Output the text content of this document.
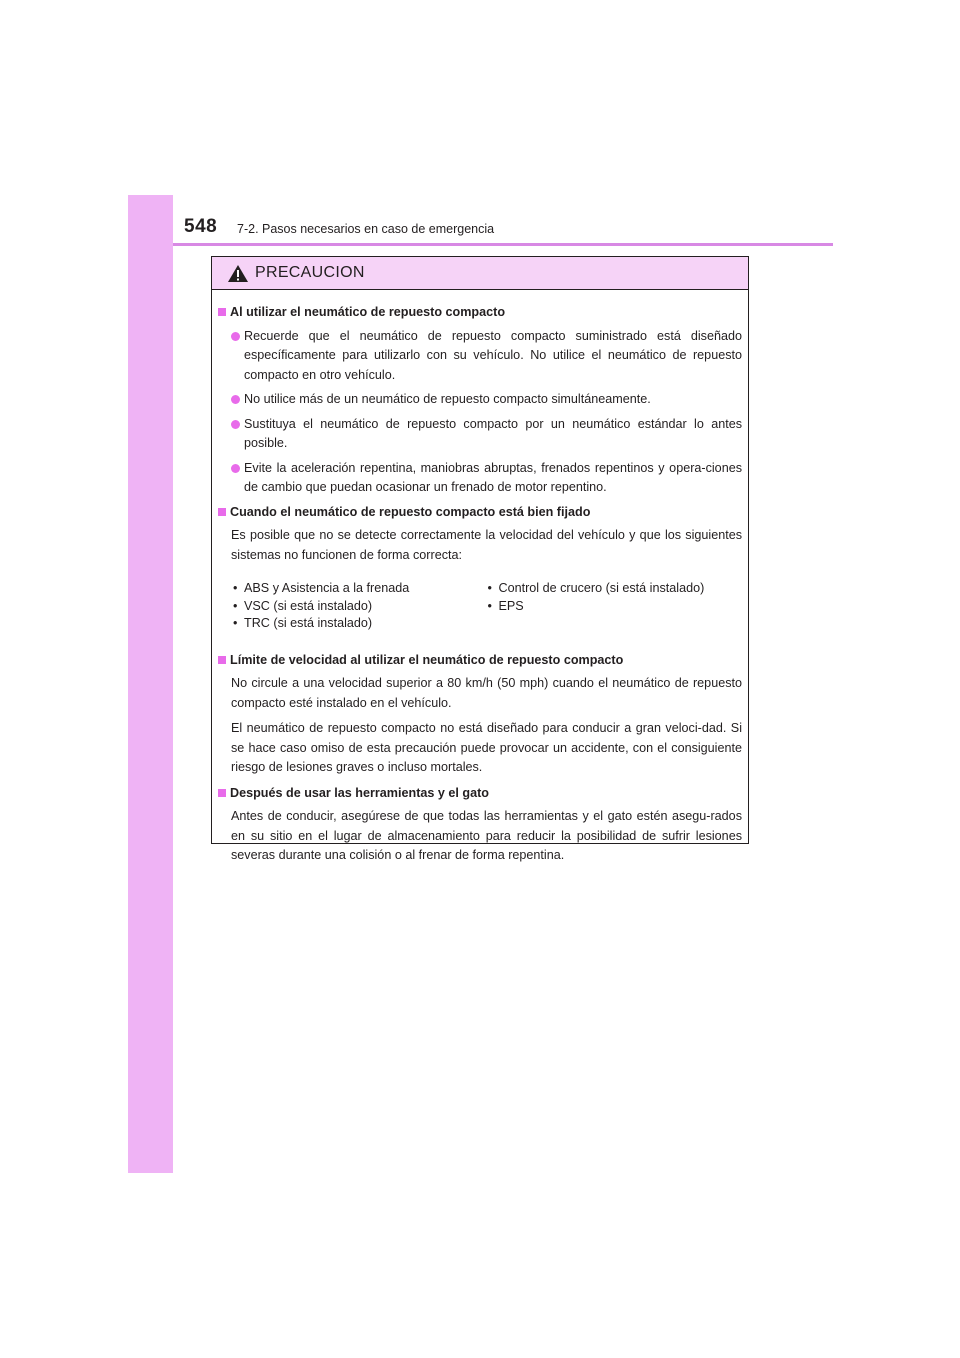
548 7-2. Pasos necesarios en caso de emergencia
PRECAUCION
Al utilizar el neumático de repuesto compacto
Recuerde que el neumático de repuesto compacto suministrado está diseñado específicamente para utilizarlo con su vehículo. No utilice el neumático de repuesto compacto en otro vehículo.
No utilice más de un neumático de repuesto compacto simultáneamente.
Sustituya el neumático de repuesto compacto por un neumático estándar lo antes posible.
Evite la aceleración repentina, maniobras abruptas, frenados repentinos y opera-ciones de cambio que puedan ocasionar un frenado de motor repentino.
Cuando el neumático de repuesto compacto está bien fijado
Es posible que no se detecte correctamente la velocidad del vehículo y que los siguientes sistemas no funcionen de forma correcta:
• ABS y Asistencia a la frenada
• VSC (si está instalado)
• TRC (si está instalado)
• Control de crucero (si está instalado)
• EPS
Límite de velocidad al utilizar el neumático de repuesto compacto
No circule a una velocidad superior a 80 km/h (50 mph) cuando el neumático de repuesto compacto esté instalado en el vehículo.
El neumático de repuesto compacto no está diseñado para conducir a gran veloci-dad. Si se hace caso omiso de esta precaución puede provocar un accidente, con el consiguiente riesgo de lesiones graves o incluso mortales.
Después de usar las herramientas y el gato
Antes de conducir, asegúrese de que todas las herramientas y el gato estén asegu-rados en su sitio en el lugar de almacenamiento para reducir la posibilidad de sufrir lesiones severas durante una colisión o al frenar de forma repentina.
